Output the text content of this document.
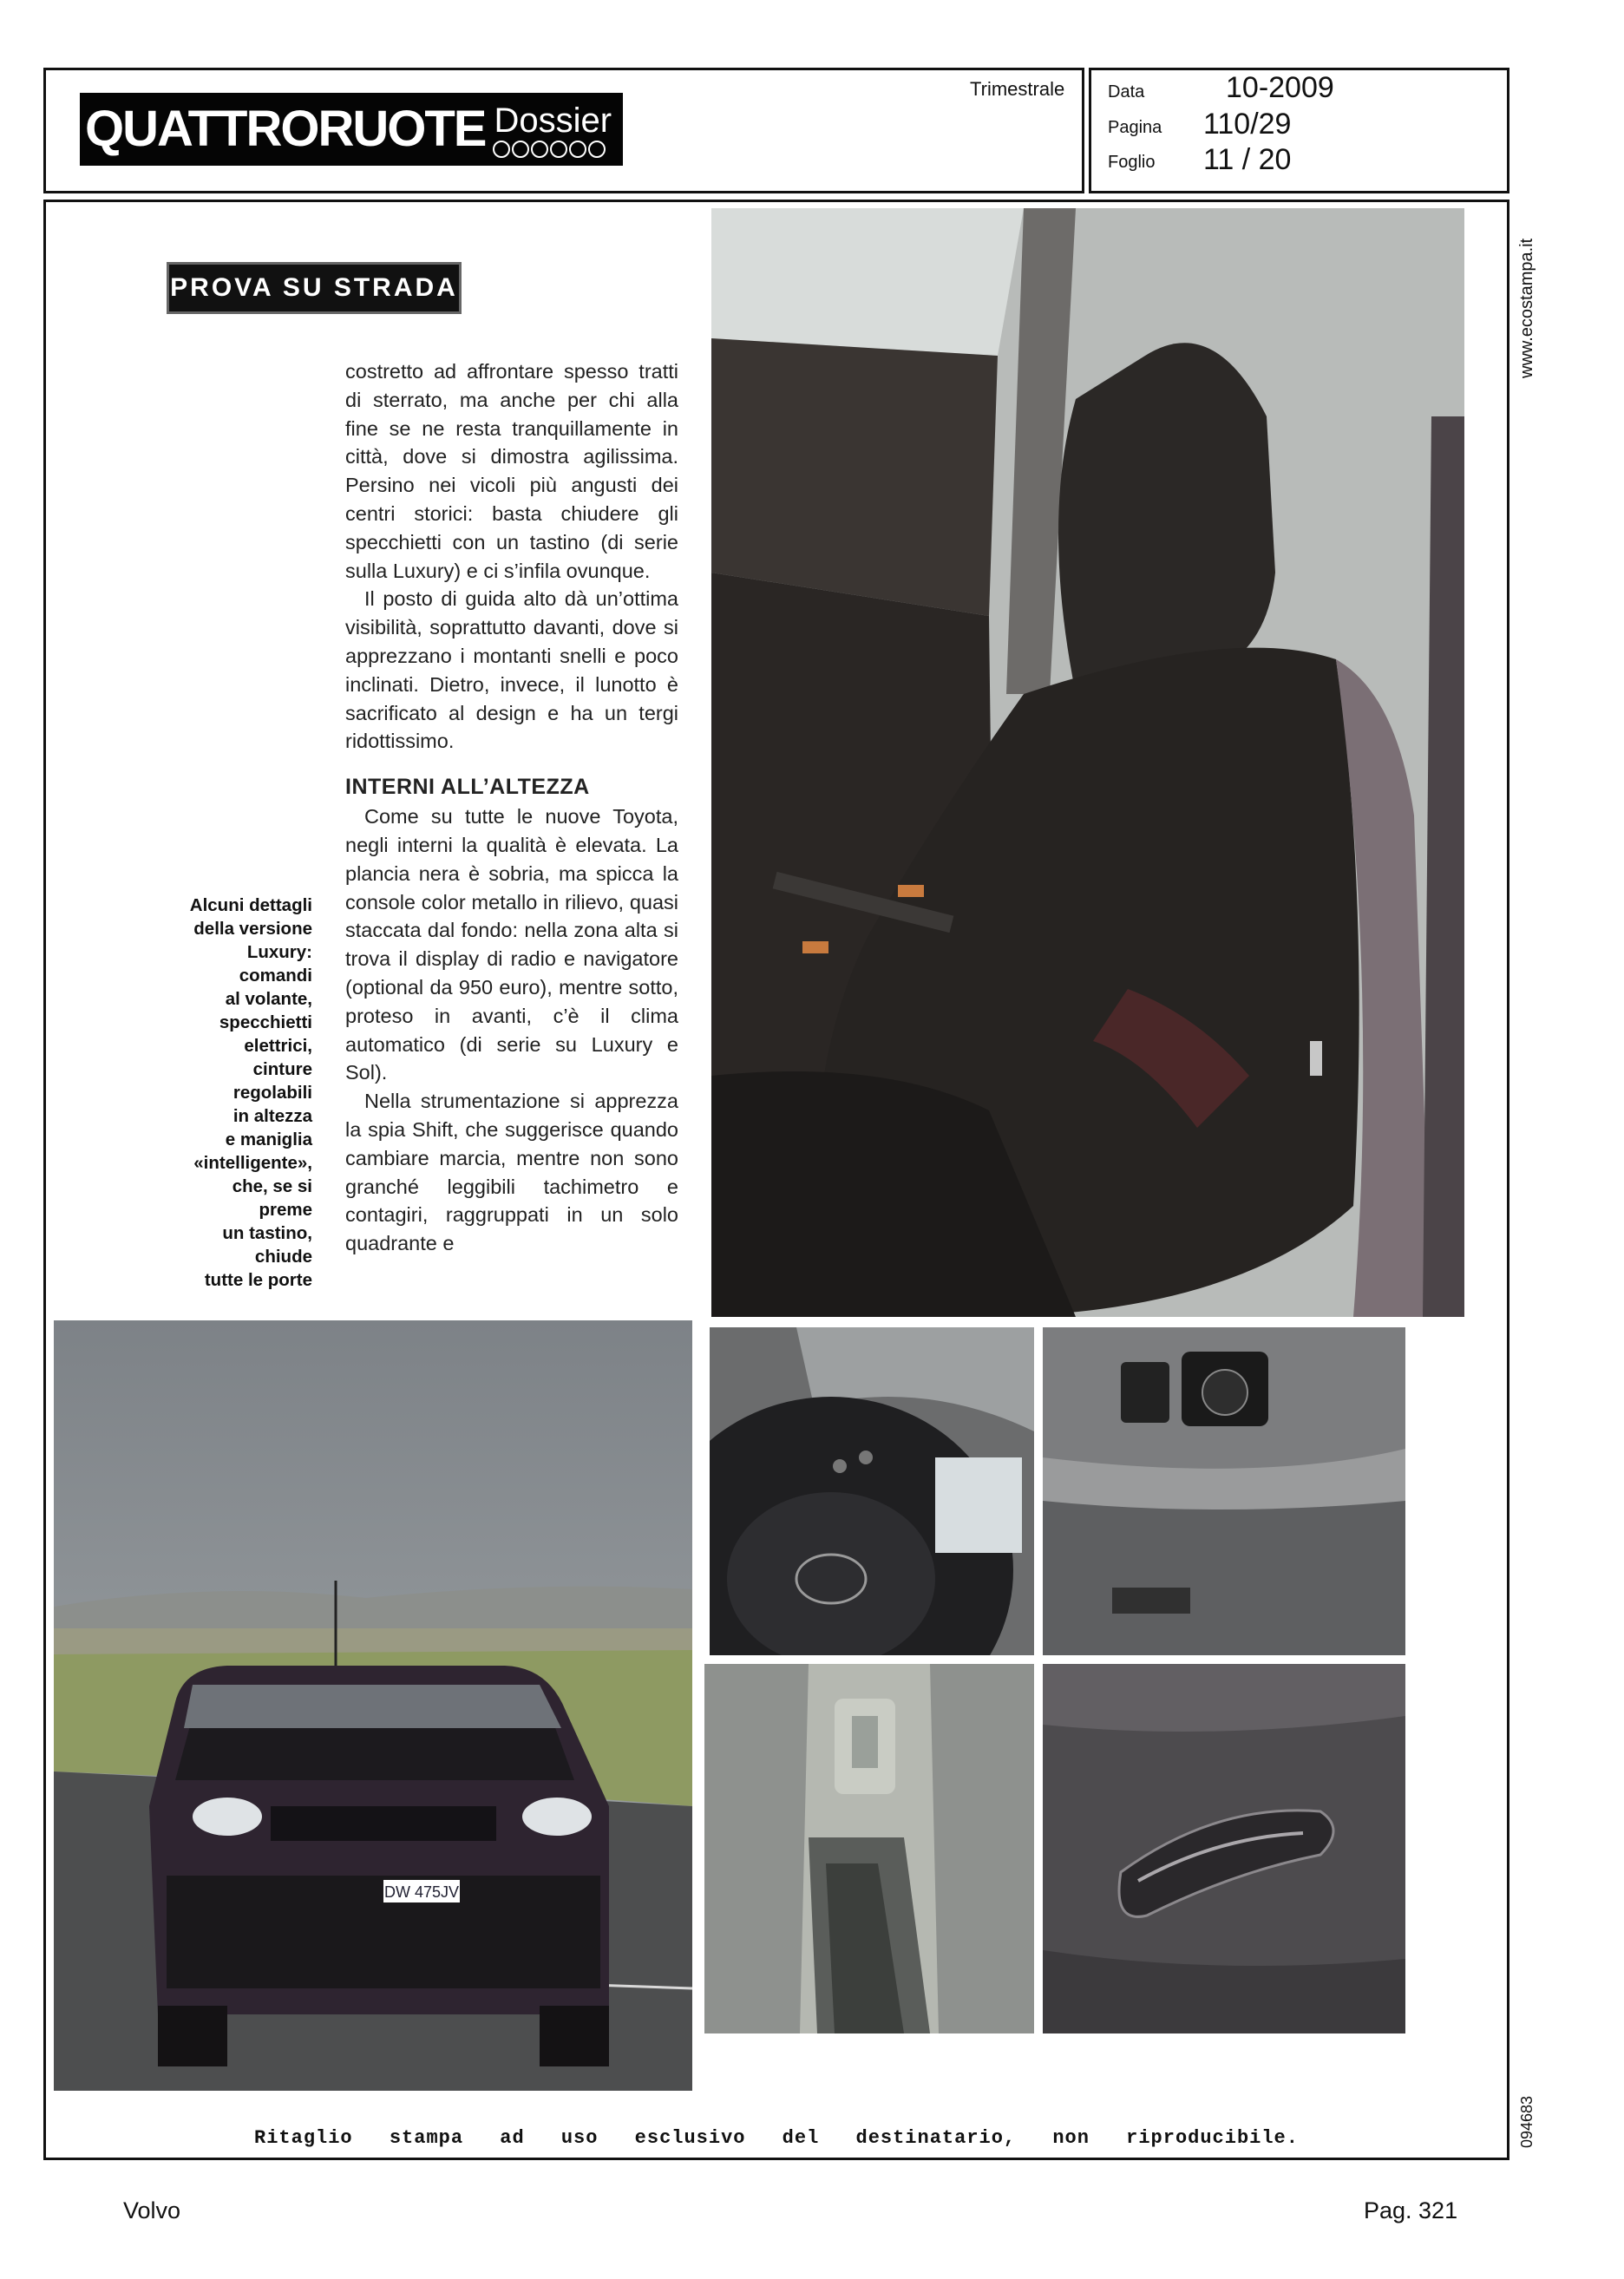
QUATTRORUOTE Dossier
Trimestrale Data	10-2009
Pagina 110/29
Foglio 11 / 20
PROVA SU STRADA

costretto ad affrontare spesso tratti di sterrato, ma anche per chi alla fine se ne resta tranquillamente in città, dove si dimostra agilissima. Persino nei vicoli più angusti dei centri storici: basta chiudere gli specchietti con un tastino (di serie sulla Luxury) e ci s’infila ovunque.

Il posto di guida alto dà un’ottima visibilità, soprattutto davanti, dove si apprezzano i montanti snelli e poco inclinati. Dietro, invece, il lunotto è sacrificato al design e ha un tergi ridottissimo.

INTERNI ALL’ALTEZZA

Come su tutte le nuove Toyota, negli interni la qualità è elevata. La plancia nera è sobria, ma spicca la console color metallo in rilievo, quasi staccata dal fondo: nella zona alta si trova il display di radio e navigatore (optional da 950 euro), mentre sotto, proteso in avanti, c’è il clima automatico (di serie su Luxury e Sol).

Nella strumentazione si apprezza la spia Shift, che suggerisce quando cambiare marcia, mentre non sono granché leggibili tachimetro e contagiri, raggruppati in un solo quadrante e

Alcuni dettagli
della versione
Luxury:
comandi
al volante,
specchietti
elettrici,
cinture
regolabili
in altezza
e maniglia
«intelligente»,
che, se si
preme
un tastino,
chiude
tutte le porte
DW 475JV
www.ecostampa.it
094683
Ritaglio stampa ad uso esclusivo del destinatario, non riproducibile.
Volvo	Pag. 321
